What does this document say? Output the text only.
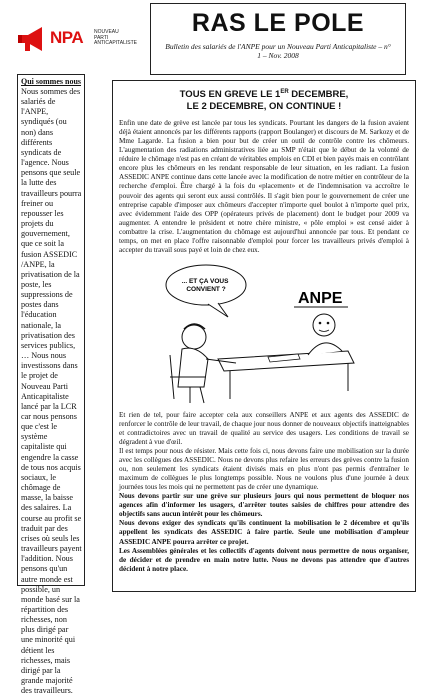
NPA NOUVEAU
PARTI
ANTICAPITALISTE
RAS LE POLE
Bulletin des salariés de l'ANPE pour un Nouveau Parti Anticapitaliste – n° 1 – Nov. 2008
Qui sommes nous
Nous sommes des salariés de l'ANPE, syndiqués (ou non) dans différents syndicats de l'agence. Nous pensons que seule la lutte des travailleurs pourra freiner ou repousser les projets du gouvernement, que ce soit la fusion ASSEDIC /ANPE, la privatisation de la poste, les suppressions de postes dans l'éducation nationale, la privatisation des services publics, … Nous nous investissons dans le projet de Nouveau Parti Anticapitaliste lancé par la LCR car nous pensons que c'est le système capitaliste qui engendre la casse de tous nos acquis sociaux, le chômage de masse, la baisse des salaires. La course au profit se traduit par des crises où seuls les travailleurs payent l'addition. Nous pensons qu'un autre monde est possible, un monde basé sur la répartition des richesses, non plus dirigé par une minorité qui détient les richesses, mais dirigé par la grande majorité des travailleurs.
TOUS EN GREVE LE 1ER DECEMBRE,
LE 2 DECEMBRE, ON CONTINUE !

Enfin une date de grève est lancée par tous les syndicats. Pourtant les dangers de la fusion avaient déjà étaient annoncés par les différents rapports (rapport Boulanger) et discours de M. Sarkozy et de Mme Lagarde. La fusion a bien pour but de créer un outil de contrôle contre les chômeurs. L'augmentation des radiations administratives liée au SMP n'était que le début de la volonté de réduire le chômage n'est pas en créant de véritables emplois en CDI et bien payés mais en contrôlant encore plus les chômeurs en les rendant responsable de leur situation, en les radiant. La fusion ASSEDIC ANPE continue dans cette lancée avec la modification de notre métier en contrôleur de la recherche d'emploi. Être chargé à la fois du «placement» et de l'indemnisation va accroître le pouvoir des agents qui seront eux aussi contrôlés. Il s'agit bien pour le gouvernement de créer une entreprise capable d'imposer aux chômeurs d'accepter n'importe quel boulot à n'importe quel prix, avec évidemment l'aide des OPP (opérateurs privés de placement) dont le budget pour 2009 va augmenter. A entendre le président et notre chère ministre, « pôle emploi » est censé aider à combattre la crise. L'augmentation du chômage est aujourd'hui annoncée par tous. Et pendant ce temps, on met en place l'offre raisonnable d'emploi pour forcer les travailleurs privés d'emploi à accepter du travail sous payé et loin de chez eux.

... ET ÇA VOUS CONVIENT ?
ANPE

Et rien de tel, pour faire accepter cela aux conseillers ANPE et aux agents des ASSEDIC de renforcer le contrôle de leur travail, de chaque jour nous donner de nouveaux objectifs inatteignables et contradictoires avec un travail de qualité au service des usagers. Les conditions de travail se dégradent à vue d'œil.

Il est temps pour nous de résister. Mais cette fois ci, nous devons faire une mobilisation sur la durée avec les collègues des ASSEDIC. Nous ne devons plus refaire les erreurs des grèves contre la fusion ou, non seulement les syndicats étaient divisés mais en plus n'ont pas permis d'entraîner le maximum de collègues le plus longtemps possible. Nous ne voulons plus d'une journée à deux journées tous les mois qui ne permettent pas de créer une dynamique.

Nous devons partir sur une grève sur plusieurs jours qui nous permettent de bloquer nos agences afin d'informer les usagers, d'arrêter toutes saisies de chiffres pour attendre des objectifs sans aucun intérêt pour les chômeurs.

Nous devons exiger des syndicats qu'ils continuent la mobilisation le 2 décembre et qu'ils appellent les syndicats des ASSEDIC à faire partie. Seule une mobilisation d'ampleur ASSEDIC ANPE pourra arrêter ce projet.

Les Assemblées générales et les collectifs d'agents doivent nous permettre de nous organiser, de décider et de prendre en main notre lutte. Nous ne devons pas attendre que d'autres décident à notre place.
